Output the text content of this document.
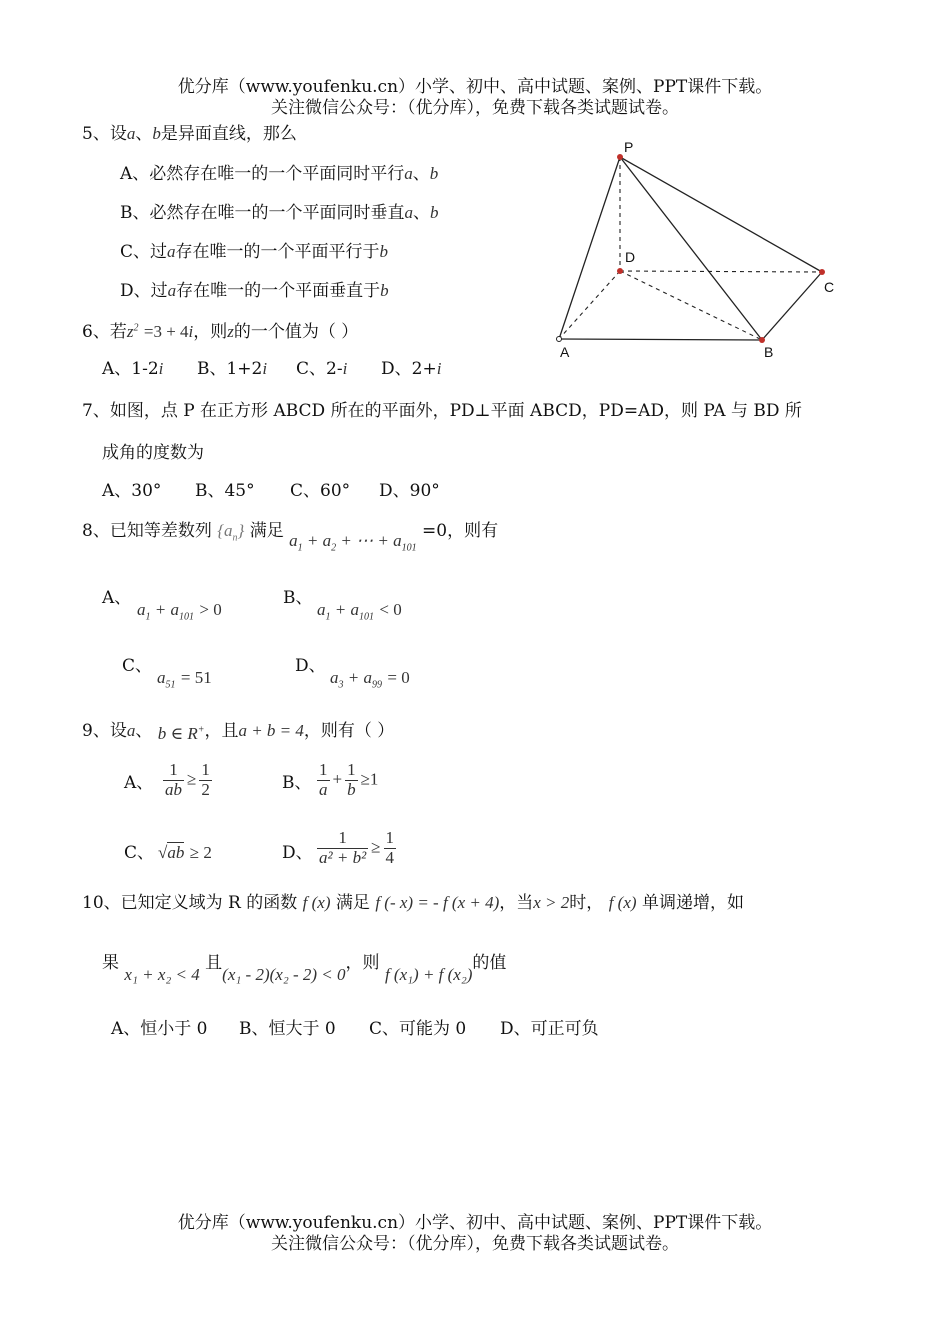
优分库（www.youfenku.cn）小学、初中、高中试题、案例、PPT课件下载。
关注微信公众号：（优分库），免费下载各类试题试卷。
5、设a、b是异面直线，那么
A、必然存在唯一的一个平面同时平行a、b
B、必然存在唯一的一个平面同时垂直a、b
C、过a存在唯一的一个平面平行于b
D、过a存在唯一的一个平面垂直于b
P
D
C
A	B
6、若$z^2 =3 + 4i$，则z的一个值为（ ）
A、1-2i B、1+2i C、2-i D、2+i
7、如图，点 P 在正方形 ABCD 所在的平面外，PD⊥平面 ABCD，PD=AD，则 PA 与 BD 所
成角的度数为
A、30° B、45° C、60° D、90°
8、已知等差数列 $\{a_n\}$ 满足 $a_1 + a_2$ + ⋯ + $a_{101} =0$，则有
A、
$a_1 + a_{101} > 0$
B、
$a_1 + a_{101} < 0$
C、
$a_{51} = 51$
D、
$a_3 + a_{99} = 0$
9、设a、 b ∈ R+，且a + b = 4，则有（ ）
A、 $\frac{1}{ab} \ge \frac{1}{2}$	B、 $\frac{1}{a} + \frac{1}{b} \ge 1$
C、 √ab ≥ 2	D、 $\frac{1}{\text{a² + b²}} \ge \frac{1}{4}$
10、已知定义域为 R 的函数 f (x) 满足 f (- x) = - f (x + 4)，当x > 2时， f (x) 单调递增，如
果 x₁ + x₂ < 4 且(x₁ - 2)(x₂ - 2) < 0，则 f (x₁) + f (x₂)的值
A、恒小于 0 B、恒大于 0 C、可能为 0 D、可正可负
优分库（www.youfenku.cn）小学、初中、高中试题、案例、PPT课件下载。
关注微信公众号：（优分库），免费下载各类试题试卷。
